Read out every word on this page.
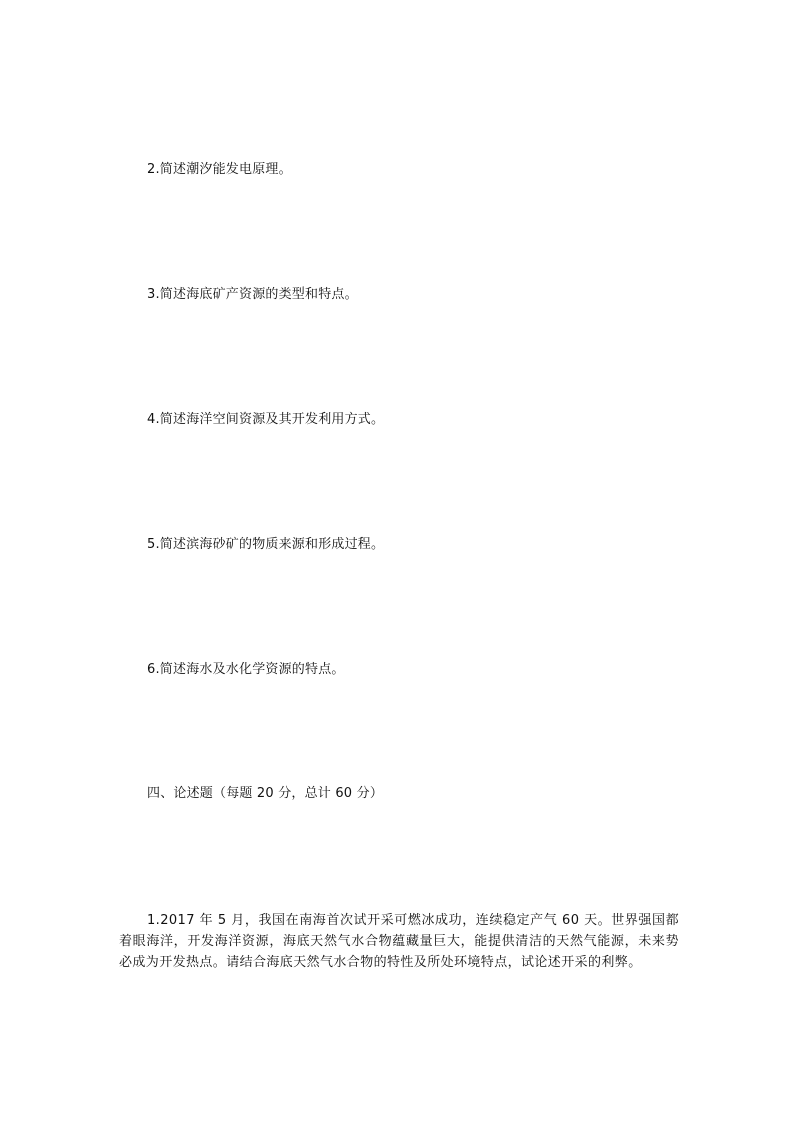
2.简述潮汐能发电原理。
3.简述海底矿产资源的类型和特点。
4.简述海洋空间资源及其开发利用方式。
5.简述滨海砂矿的物质来源和形成过程。
6.简述海水及水化学资源的特点。
四、论述题（每题 20 分，总计 60 分）
1.2017 年 5 月，我国在南海首次试开采可燃冰成功，连续稳定产气 60 天。世界强国都着眼海洋，开发海洋资源，海底天然气水合物蕴藏量巨大，能提供清洁的天然气能源，未来势必成为开发热点。请结合海底天然气水合物的特性及所处环境特点，试论述开采的利弊。
